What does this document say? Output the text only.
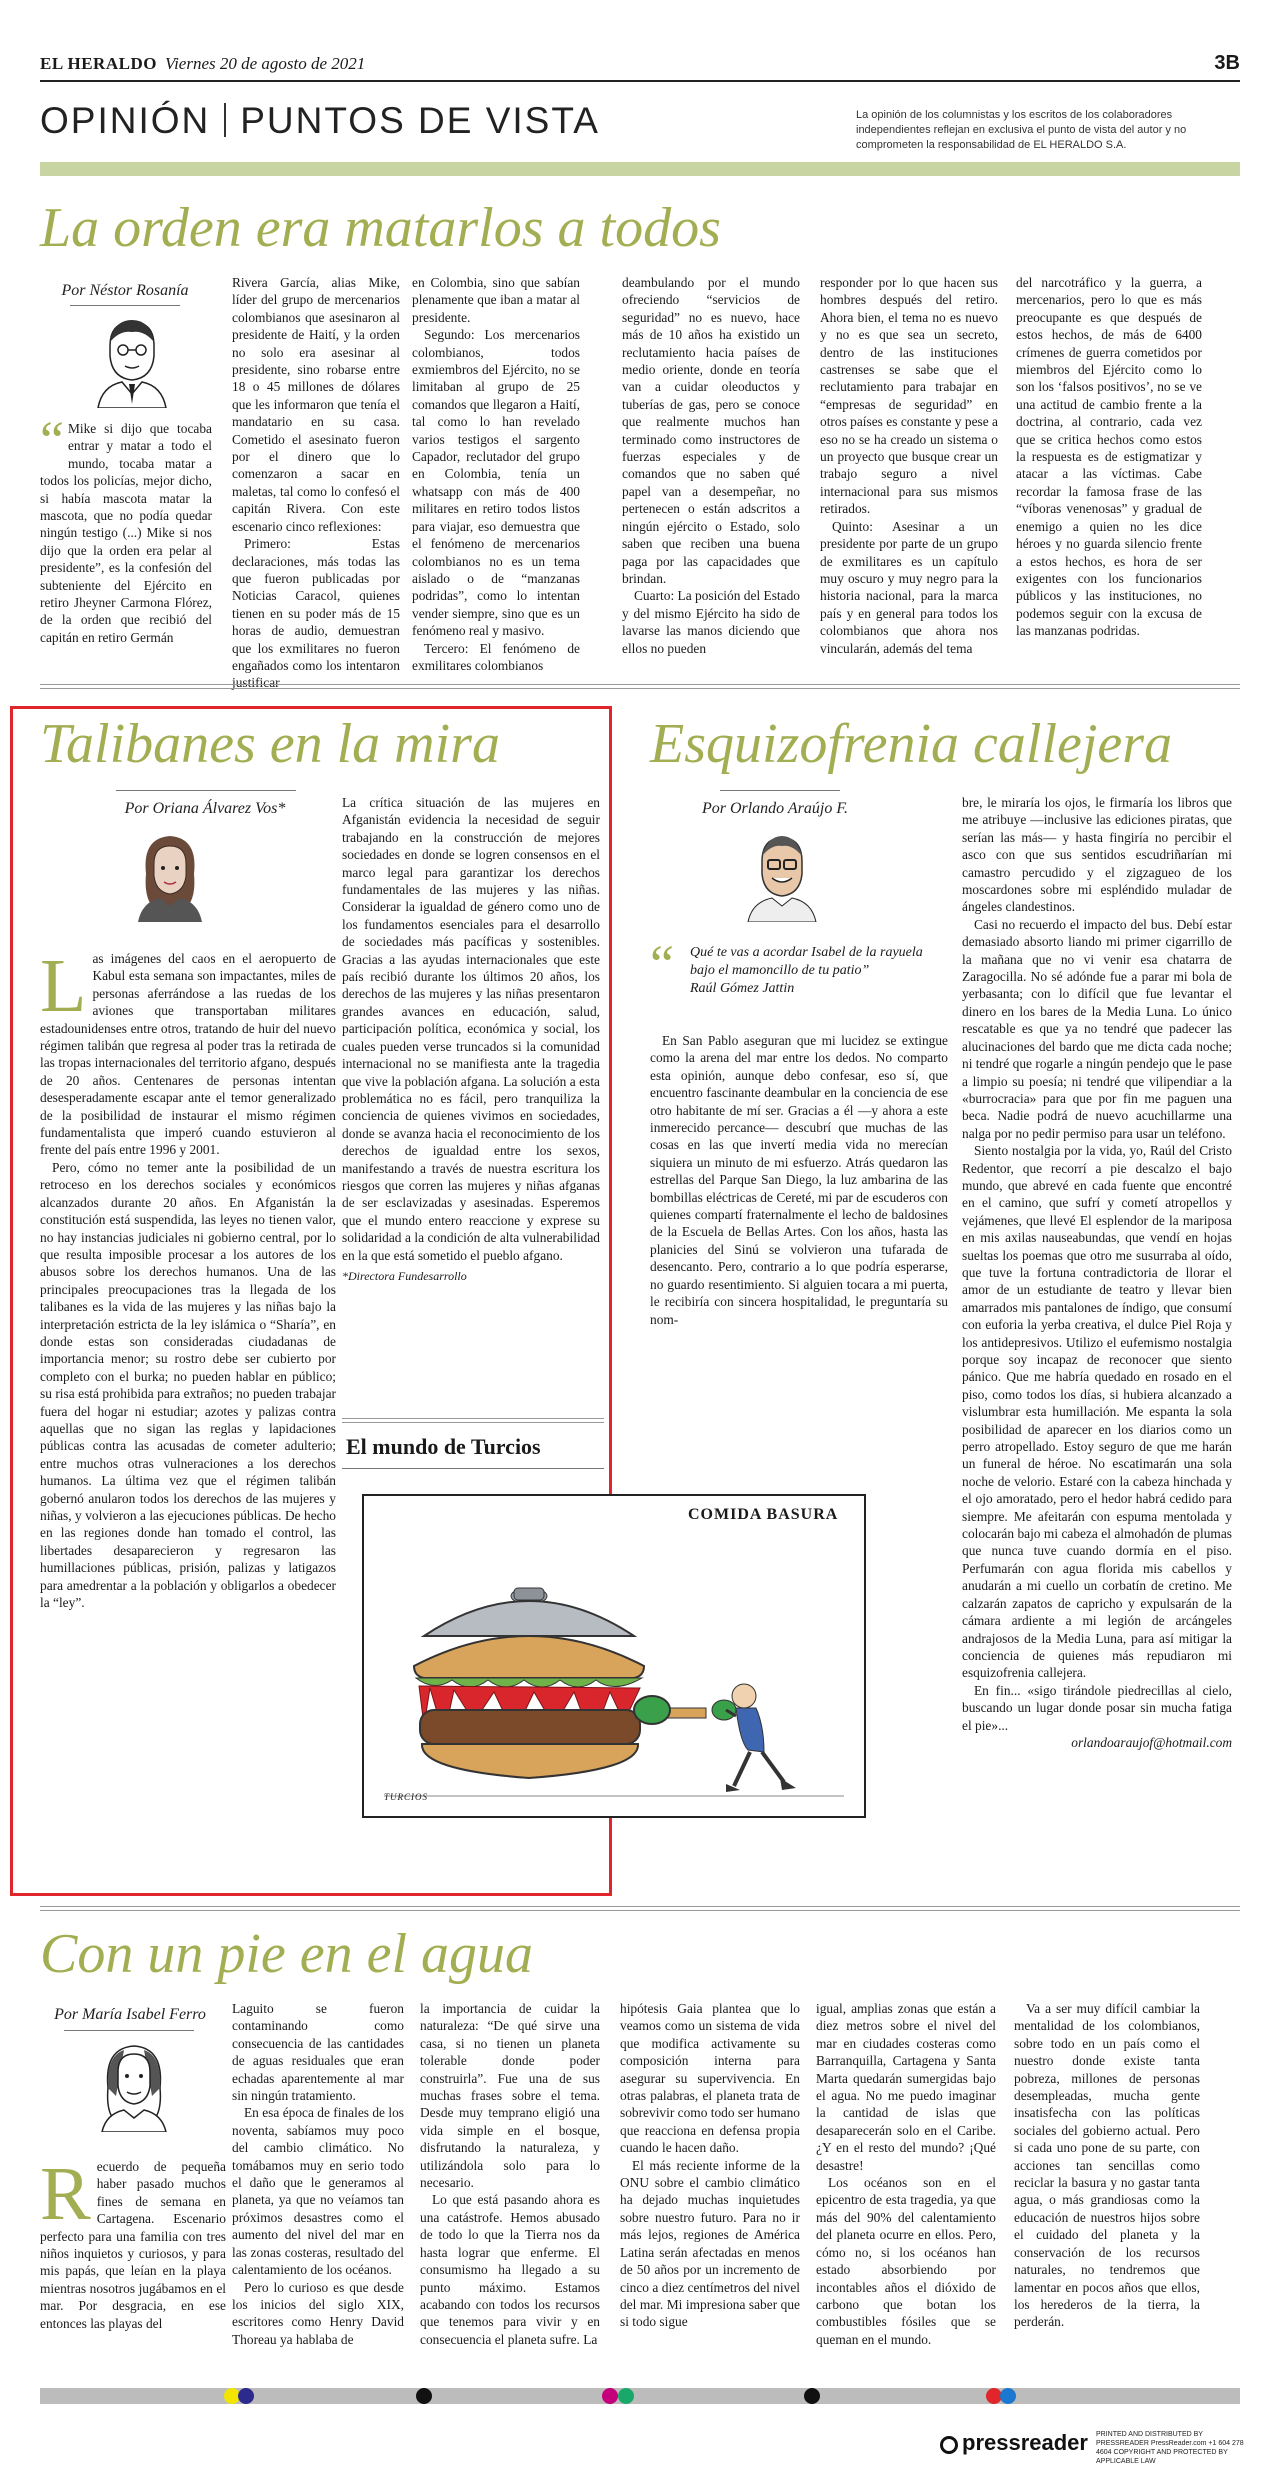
EL HERALDO Viernes 20 de agosto de 2021	3B
OPINIÓN PUNTOS DE VISTA	La opinión de los columnistas y los escritos de los colaboradores independientes reflejan en exclusiva el punto de vista del autor y no comprometen la responsabilidad de EL HERALDO S.A.
La orden era matarlos a todos
Por Néstor Rosanía
“ Mike si dijo que tocaba entrar y matar a todo el mundo, tocaba matar a todos los policías, mejor dicho, si había mascota matar la mascota, que no podía quedar ningún testigo (...) Mike si nos dijo que la orden era pelar al presidente”, es la confesión del subteniente del Ejército en retiro Jheyner Carmona Flórez, de la orden que recibió del capitán en retiro Germán

Rivera García, alias Mike, líder del grupo de mercenarios colombianos que asesinaron al presidente de Haití, y la orden no solo era asesinar al presidente, sino robarse entre 18 o 45 millones de dólares que les informaron que tenía el mandatario en su casa. Cometido el asesinato fueron por el dinero que lo comenzaron a sacar en maletas, tal como lo confesó el capitán Rivera. Con este escenario cinco reflexiones:

Primero: Estas declaraciones, más todas las que fueron publicadas por Noticias Caracol, quienes tienen en su poder más de 15 horas de audio, demuestran que los exmilitares no fueron engañados como los intentaron justificar

en Colombia, sino que sabían plenamente que iban a matar al presidente.

Segundo: Los mercenarios colombianos, todos exmiembros del Ejército, no se limitaban al grupo de 25 comandos que llegaron a Haití, tal como lo han revelado varios testigos el sargento Capador, reclutador del grupo en Colombia, tenía un whatsapp con más de 400 militares en retiro todos listos para viajar, eso demuestra que el fenómeno de mercenarios colombianos no es un tema aislado o de “manzanas podridas”, como lo intentan vender siempre, sino que es un fenómeno real y masivo.

Tercero: El fenómeno de exmilitares colombianos

deambulando por el mundo ofreciendo “servicios de seguridad” no es nuevo, hace más de 10 años ha existido un reclutamiento hacia países de medio oriente, donde en teoría van a cuidar oleoductos y tuberías de gas, pero se conoce que realmente muchos han terminado como instructores de fuerzas especiales y de comandos que no saben qué papel van a desempeñar, no pertenecen o están adscritos a ningún ejército o Estado, solo saben que reciben una buena paga por las capacidades que brindan.

Cuarto: La posición del Estado y del mismo Ejército ha sido de lavarse las manos diciendo que ellos no pueden

responder por lo que hacen sus hombres después del retiro. Ahora bien, el tema no es nuevo y no es que sea un secreto, dentro de las instituciones castrenses se sabe que el reclutamiento para trabajar en “empresas de seguridad” en otros países es constante y pese a eso no se ha creado un sistema o un proyecto que busque crear un trabajo seguro a nivel internacional para sus mismos retirados.

Quinto: Asesinar a un presidente por parte de un grupo de exmilitares es un capítulo muy oscuro y muy negro para la historia nacional, para la marca país y en general para todos los colombianos que ahora nos vincularán, además del tema

del narcotráfico y la guerra, a mercenarios, pero lo que es más preocupante es que después de estos hechos, de más de 6400 crímenes de guerra cometidos por miembros del Ejército como lo son los ‘falsos positivos’, no se ve una actitud de cambio frente a la doctrina, al contrario, cada vez que se critica hechos como estos la respuesta es de estigmatizar y atacar a las víctimas. Cabe recordar la famosa frase de las “víboras venenosas” y gradual de enemigo a quien no les dice héroes y no guarda silencio frente a estos hechos, es hora de ser exigentes con los funcionarios públicos y las instituciones, no podemos seguir con la excusa de las manzanas podridas.

Talibanes en la mira
Por Oriana Álvarez Vos*
L as imágenes del caos en el aeropuerto de Kabul esta semana son impactantes, miles de personas aferrándose a las ruedas de los aviones que transportaban militares estadounidenses entre otros, tratando de huir del nuevo régimen talibán que regresa al poder tras la retirada de las tropas internacionales del territorio afgano, después de 20 años. Centenares de personas intentan desesperadamente escapar ante el temor generalizado de la posibilidad de instaurar el mismo régimen fundamentalista que imperó cuando estuvieron al frente del país entre 1996 y 2001.

Pero, cómo no temer ante la posibilidad de un retroceso en los derechos sociales y económicos alcanzados durante 20 años. En Afganistán la constitución está suspendida, las leyes no tienen valor, no hay instancias judiciales ni gobierno central, por lo que resulta imposible procesar a los autores de los abusos sobre los derechos humanos. Una de las principales preocupaciones tras la llegada de los talibanes es la vida de las mujeres y las niñas bajo la interpretación estricta de la ley islámica o “Sharía”, en donde estas son consideradas ciudadanas de importancia menor; su rostro debe ser cubierto por completo con el burka; no pueden hablar en público; su risa está prohibida para extraños; no pueden trabajar fuera del hogar ni estudiar; azotes y palizas contra aquellas que no sigan las reglas y lapidaciones públicas contra las acusadas de cometer adulterio; entre muchos otras vulneraciones a los derechos humanos. La última vez que el régimen talibán gobernó anularon todos los derechos de las mujeres y niñas, y volvieron a las ejecuciones públicas. De hecho en las regiones donde han tomado el control, las libertades desaparecieron y regresaron las humillaciones públicas, prisión, palizas y latigazos para amedrentar a la población y obligarlos a obedecer la “ley”.

La crítica situación de las mujeres en Afganistán evidencia la necesidad de seguir trabajando en la construcción de mejores sociedades en donde se logren consensos en el marco legal para garantizar los derechos fundamentales de las mujeres y las niñas. Considerar la igualdad de género como uno de los fundamentos esenciales para el desarrollo de sociedades más pacíficas y sostenibles. Gracias a las ayudas internacionales que este país recibió durante los últimos 20 años, los derechos de las mujeres y las niñas presentaron grandes avances en educación, salud, participación política, económica y social, los cuales pueden verse truncados si la comunidad internacional no se manifiesta ante la tragedia que vive la población afgana. La solución a esta problemática no es fácil, pero tranquiliza la conciencia de quienes vivimos en sociedades, donde se avanza hacia el reconocimiento de los derechos de igualdad entre los sexos, manifestando a través de nuestra escritura los riesgos que corren las mujeres y niñas afganas de ser esclavizadas y asesinadas. Esperemos que el mundo entero reaccione y exprese su solidaridad a la condición de alta vulnerabilidad en la que está sometido el pueblo afgano.

*Directora Fundesarrollo

El mundo de Turcios
COMIDA BASURA
TURCIOS
Esquizofrenia callejera
Por Orlando Araújo F.
“ Qué te vas a acordar Isabel de la rayuela bajo el mamoncillo de tu patio”
Raúl Gómez Jattin

En San Pablo aseguran que mi lucidez se extingue como la arena del mar entre los dedos. No comparto esta opinión, aunque debo confesar, eso sí, que encuentro fascinante deambular en la conciencia de ese otro habitante de mí ser. Gracias a él —y ahora a este inmerecido percance— descubrí que muchas de las cosas en las que invertí media vida no merecían siquiera un minuto de mi esfuerzo. Atrás quedaron las estrellas del Parque San Diego, la luz ambarina de las bombillas eléctricas de Cereté, mi par de escuderos con quienes compartí fraternalmente el lecho de baldosines de la Escuela de Bellas Artes. Con los años, hasta las planicies del Sinú se volvieron una tufarada de desencanto. Pero, contrario a lo que podría esperarse, no guardo resentimiento. Si alguien tocara a mi puerta, le recibiría con sincera hospitalidad, le preguntaría su nom-

bre, le miraría los ojos, le firmaría los libros que me atribuye —inclusive las ediciones piratas, que serían las más— y hasta fingiría no percibir el asco con que sus sentidos escudriñarían mi camastro percudido y el zigzagueo de los moscardones sobre mi espléndido muladar de ángeles clandestinos.

Casi no recuerdo el impacto del bus. Debí estar demasiado absorto liando mi primer cigarrillo de la mañana que no vi venir esa chatarra de Zaragocilla. No sé adónde fue a parar mi bola de yerbasanta; con lo difícil que fue levantar el dinero en los bares de la Media Luna. Lo único rescatable es que ya no tendré que padecer las alucinaciones del bardo que me dicta cada noche; ni tendré que rogarle a ningún pendejo que le pase a limpio su poesía; ni tendré que vilipendiar a la «burrocracia» para que por fin me paguen una beca. Nadie podrá de nuevo acuchillarme una nalga por no pedir permiso para usar un teléfono.

Siento nostalgia por la vida, yo, Raúl del Cristo Redentor, que recorrí a pie descalzo el bajo mundo, que abrevé en cada fuente que encontré en el camino, que sufrí y cometí atropellos y vejámenes, que llevé El esplendor de la mariposa en mis axilas nauseabundas, que vendí en hojas sueltas los poemas que otro me susurraba al oído, que tuve la fortuna contradictoria de llorar el amor de un estudiante de teatro y llevar bien amarrados mis pantalones de índigo, que consumí con euforia la yerba creativa, el dulce Piel Roja y los antidepresivos. Utilizo el eufemismo nostalgia porque soy incapaz de reconocer que siento pánico. Que me habría quedado en rosado en el piso, como todos los días, si hubiera alcanzado a vislumbrar esta humillación. Me espanta la sola posibilidad de aparecer en los diarios como un perro atropellado. Estoy seguro de que me harán un funeral de héroe. No escatimarán una sola noche de velorio. Estaré con la cabeza hinchada y el ojo amoratado, pero el hedor habrá cedido para siempre. Me afeitarán con espuma mentolada y colocarán bajo mi cabeza el almohadón de plumas que nunca tuve cuando dormía en el piso. Perfumarán con agua florida mis cabellos y anudarán a mi cuello un corbatín de cretino. Me calzarán zapatos de capricho y expulsarán de la cámara ardiente a mi legión de arcángeles andrajosos de la Media Luna, para así mitigar la conciencia de quienes más repudiaron mi esquizofrenia callejera.

En fin... «sigo tirándole piedrecillas al cielo, buscando un lugar donde posar sin mucha fatiga el pie»...

orlandoaraujof@hotmail.com

Con un pie en el agua
Por María Isabel Ferro
R ecuerdo de pequeña haber pasado muchos fines de semana en Cartagena. Escenario perfecto para una familia con tres niños inquietos y curiosos, y para mis papás, que leían en la playa mientras nosotros jugábamos en el mar. Por desgracia, en ese entonces las playas del

Laguito se fueron contaminando como consecuencia de las cantidades de aguas residuales que eran echadas aparentemente al mar sin ningún tratamiento.

En esa época de finales de los noventa, sabíamos muy poco del cambio climático. No tomábamos muy en serio todo el daño que le generamos al planeta, ya que no veíamos tan próximos desastres como el aumento del nivel del mar en las zonas costeras, resultado del calentamiento de los océanos.

Pero lo curioso es que desde los inicios del siglo XIX, escritores como Henry David Thoreau ya hablaba de

la importancia de cuidar la naturaleza: “De qué sirve una casa, si no tienen un planeta tolerable donde poder construirla”. Fue una de sus muchas frases sobre el tema. Desde muy temprano eligió una vida simple en el bosque, disfrutando la naturaleza, y utilizándola solo para lo necesario.

Lo que está pasando ahora es una catástrofe. Hemos abusado de todo lo que la Tierra nos da hasta lograr que enferme. El consumismo ha llegado a su punto máximo. Estamos acabando con todos los recursos que tenemos para vivir y en consecuencia el planeta sufre. La

hipótesis Gaia plantea que lo veamos como un sistema de vida que modifica activamente su composición interna para asegurar su supervivencia. En otras palabras, el planeta trata de sobrevivir como todo ser humano que reacciona en defensa propia cuando le hacen daño.

El más reciente informe de la ONU sobre el cambio climático ha dejado muchas inquietudes sobre nuestro futuro. Para no ir más lejos, regiones de América Latina serán afectadas en menos de 50 años por un incremento de cinco a diez centímetros del nivel del mar. Mi impresiona saber que si todo sigue

igual, amplias zonas que están a diez metros sobre el nivel del mar en ciudades costeras como Barranquilla, Cartagena y Santa Marta quedarán sumergidas bajo el agua. No me puedo imaginar la cantidad de islas que desaparecerán solo en el Caribe. ¿Y en el resto del mundo? ¡Qué desastre!

Los océanos son en el epicentro de esta tragedia, ya que más del 90% del calentamiento del planeta ocurre en ellos. Pero, cómo no, si los océanos han estado absorbiendo por incontables años el dióxido de carbono que botan los combustibles fósiles que se queman en el mundo.

Va a ser muy difícil cambiar la mentalidad de los colombianos, sobre todo en un país como el nuestro donde existe tanta pobreza, millones de personas desempleadas, mucha gente insatisfecha con las políticas sociales del gobierno actual. Pero si cada uno pone de su parte, con acciones tan sencillas como reciclar la basura y no gastar tanta agua, o más grandiosas como la educación de nuestros hijos sobre el cuidado del planeta y la conservación de los recursos naturales, no tendremos que lamentar en pocos años que ellos, los herederos de la tierra, la perderán.

pressreader PRINTED AND DISTRIBUTED BY PRESSREADER PressReader.com +1 604 278 4604 COPYRIGHT AND PROTECTED BY APPLICABLE LAW
